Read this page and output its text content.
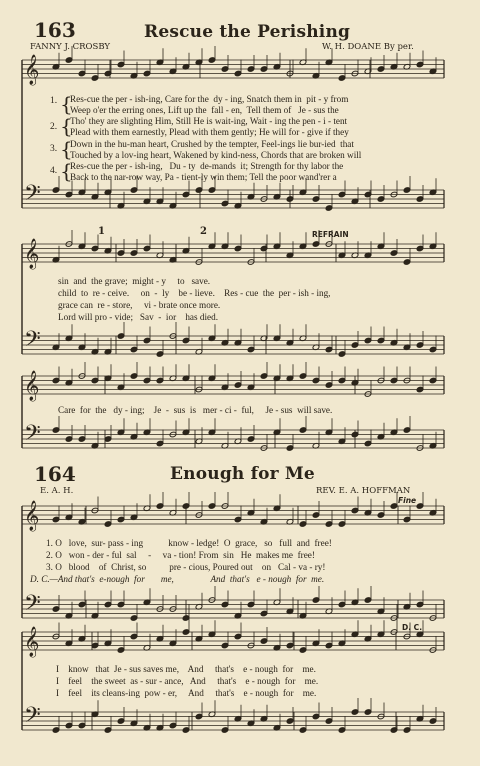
163	Rescue the Perishing
FANNY J. CROSBY	W. H. DOANE By per.
𝄞
𝄢
𝄞
𝄢
𝄞
𝄢
𝄞
𝄢
𝄞
𝄢
1.
2.
3.
4.
{
{
{
{
Res-cue the per - ish-ing, Care for the  dy - ing, Snatch them in  pit - y from
Weep o'er the erring ones, Lift up the  fall - en,  Tell them of   Je - sus the
Tho' they are slighting Him, Still He is wait-ing, Wait - ing the pen - i - tent
Plead with them earnestly, Plead with them gently; He will for - give if they
Down in the hu-man heart, Crushed by the tempter, Feel-ings lie bur-ied  that
Touched by a lov-ing heart, Wakened by kind-ness, Chords that are broken will
Res-cue the per - ish-ing,   Du - ty  de-mands  it; Strength for thy labor the
Back to the nar-row way, Pa - tient-ly win them; Tell the poor wand'rer a
1	2	REFRAIN
sin  and  the grave;  might - y     to   save.
child  to  re - ceive.     on  -  ly    be - lieve.    Res - cue  the  per - ish - ing,
grace can  re - store,     vi - brate once more.
Lord will pro - vide;   Sav  -  ior    has died.
Care  for  the   dy - ing;    Je  -  sus  is   mer - ci -  ful,     Je - sus  will save.
164	Enough for Me
E. A. H.	REV. E. A. HOFFMAN
Fine
1. O   love,  sur- pass - ing           know - ledge!  O  grace,   so   full  and  free!
2. O   won - der - ful  sal     -     va - tion! From  sin   He  makes me  free!
3. O   blood    of  Christ, so          pre - cious, Poured out    on   Cal - va - ry!
D. C.—And that's  e-nough  for       me,                And  that's   e - nough  for  me.
D. C.
I    know   that  Je - sus saves me,    And     that's    e - nough  for    me.
I    feel    the sweet  as - sur - ance,   And     that's    e - nough  for    me.
I    feel    its cleans-ing  pow - er,     And     that's    e - nough  for    me.
